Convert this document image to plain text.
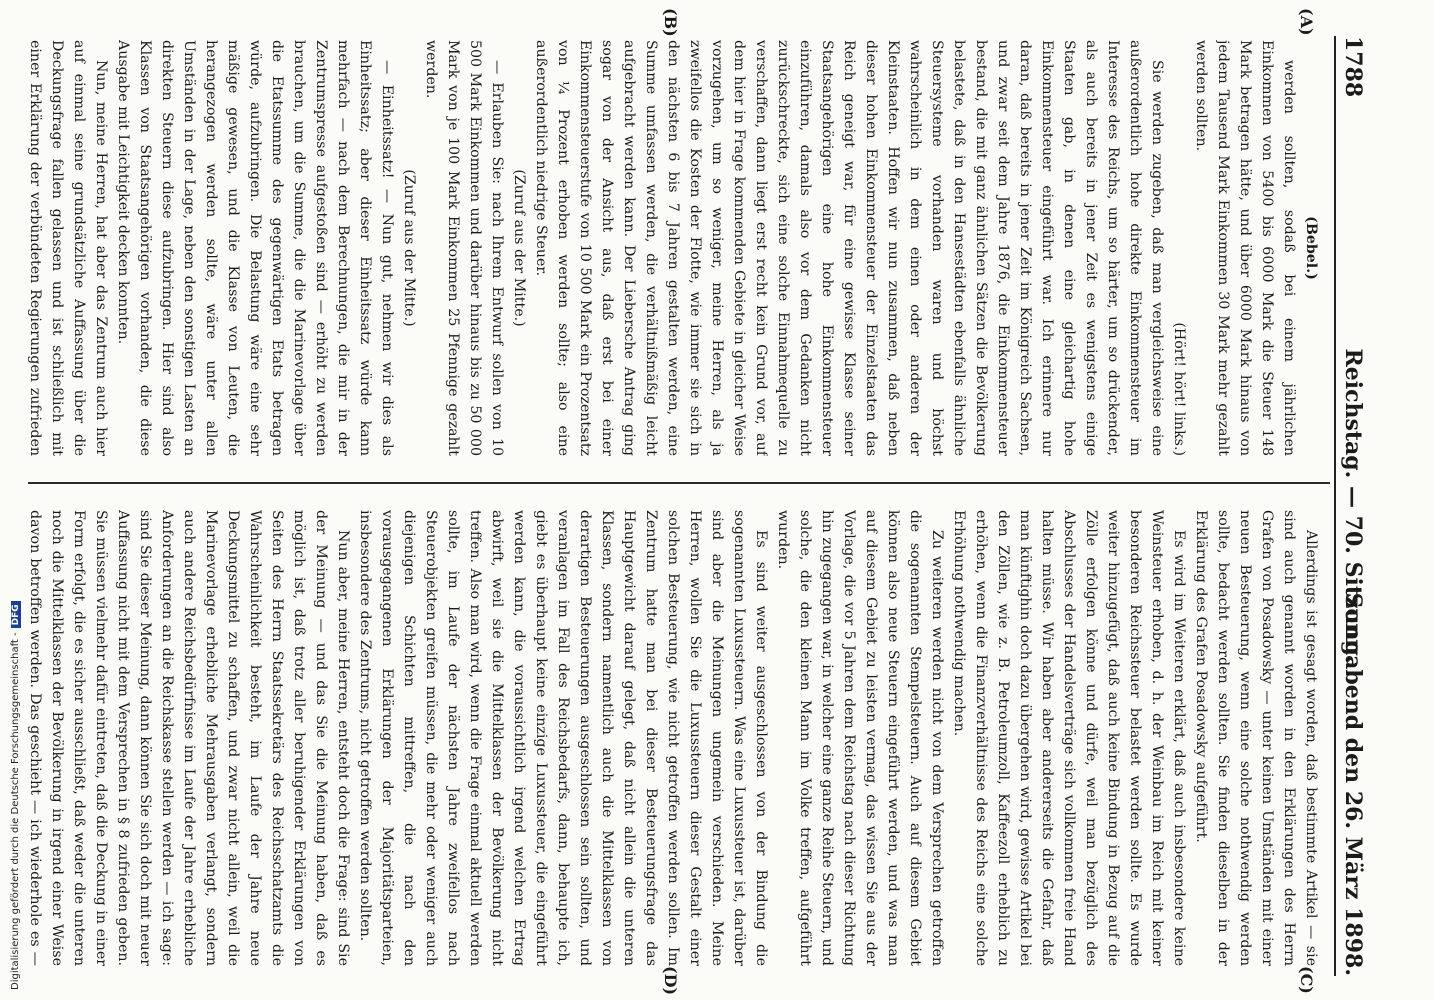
1788
Reichstag. — 70. Sitzung.
Sonnabend den 26. März 1898.
(A)
(B)
(C)
(D)

(Bebel.)

werden sollten, sodaß bei einem jährlichen Einkommen von 5400 bis 6000 Mark die Steuer 148 Mark betragen hätte, und über 6000 Mark hinaus von jedem Tausend Mark Einkommen 30 Mark mehr gezahlt werden sollten.

(Hört! hört! links.)

Sie werden zugeben, daß man vergleichsweise eine außerordentlich hohe direkte Einkommensteuer im Interesse des Reichs, um so härter, um so drückender, als auch bereits in jener Zeit es wenigstens einige Staaten gab, in denen eine gleichartig hohe Einkommensteuer eingeführt war. Ich erinnere nur daran, daß bereits in jener Zeit im Königreich Sachsen, und zwar seit dem Jahre 1876, die Einkommensteuer bestand, die mit ganz ähnlichen Sätzen die Bevölkerung belastete, daß in den Hansestädten ebenfalls ähnliche Steuersysteme vorhanden waren und höchst wahrscheinlich in dem einen oder anderen der Kleinstaaten. Hoffen wir nun zusammen, daß neben dieser hohen Einkommensteuer der Einzelstaaten das Reich geneigt war, für eine gewisse Klasse seiner Staatsangehörigen eine hohe Einkommensteuer einzuführen, damals also vor dem Gedanken nicht zurückschreckte, sich eine solche Einnahmequelle zu verschaffen, dann liegt erst recht kein Grund vor, auf dem hier in Frage kommenden Gebiete in gleicher Weise vorzugehen, um so weniger, meine Herren, als ja zweifellos die Kosten der Flotte, wie immer sie sich in den nächsten 6 bis 7 Jahren gestalten werden, eine Summe umfassen werden, die verhältnißmäßig leicht aufgebracht werden kann. Der Liebersche Antrag ging sogar von der Ansicht aus, daß erst bei einer Einkommensteuerstufe von 10 500 Mark ein Prozentsatz von ¼ Prozent erhoben werden sollte; also eine außerordentlich niedrige Steuer.

(Zuruf aus der Mitte.)

— Erlauben Sie: nach Ihrem Entwurf sollen von 10 500 Mark Einkommen und darüber hinaus bis zu 50 000 Mark von je 100 Mark Einkommen 25 Pfennige gezahlt werden.

(Zuruf aus der Mitte.)

— Einheitssatz! — Nun gut, nehmen wir dies als Einheitssatz; aber dieser Einheitssatz würde kann mehrfach — nach dem Berechnungen, die mir in der Zentrumspresse aufgestoßen sind — erhöht zu werden brauchen, um die Summe, die die Marinevorlage über die Etatssumme des gegenwärtigen Etats betragen würde, aufzubringen. Die Belastung wäre eine sehr mäßige gewesen, und die Klasse von Leuten, die herangezogen werden sollte, wäre unter allen Umständen in der Lage, neben den sonstigen Lasten an direkten Steuern diese aufzubringen. Hier sind also Klassen von Staatsangehörigen vorhanden, die diese Ausgabe mit Leichtigkeit decken konnten.

Nun, meine Herren, hat aber das Zentrum auch hier auf einmal seine grundsätzliche Auffassung über die Deckungsfrage fallen gelassen und ist schließlich mit einer Erklärung der verbündeten Regierungen zufrieden

Allerdings ist gesagt worden, daß bestimmte Artikel — sie sind auch genannt worden in den Erklärungen des Herrn Grafen von Posadowsky — unter keinen Umständen mit einer neuen Besteuerung, wenn eine solche nothwendig werden sollte, bedacht werden sollten. Sie finden dieselben in der Erklärung des Grafen Posadowsky aufgeführt.

Es wird im Weiteren erklärt, daß auch insbesondere keine Weinsteuer erhoben, d. h. der Weinbau im Reich mit keiner besonderen Reichssteuer belastet werden sollte. Es wurde weiter hinzugefügt, daß auch keine Bindung in Bezug auf die Zölle erfolgen könne und dürfe, weil man bezüglich des Abschlusses der Handelsverträge sich vollkommen freie Hand halten müsse. Wir haben aber andererseits die Gefahr, daß man künftighin doch dazu übergehen wird, gewisse Artikel bei den Zöllen, wie z. B. Petroleumzoll, Kaffeezoll erheblich zu erhöhen, wenn die Finanzverhältnisse des Reichs eine solche Erhöhung nothwendig machen.

Zu weiteren werden nicht von dem Versprechen getroffen die sogenannten Stempelsteuern. Auch auf diesem Gebiet können also neue Steuern eingeführt werden, und was man auf diesem Gebiet zu leisten vermag, das wissen Sie aus der Vorlage, die vor 5 Jahren dem Reichstag nach dieser Richtung hin zugegangen war, in welcher eine ganze Reihe Steuern, und solche, die den kleinen Mann im Volke treffen, aufgeführt wurden.

Es sind weiter ausgeschlossen von der Bindung die sogenannten Luxussteuern. Was eine Luxussteuer ist, darüber sind aber die Meinungen ungemein verschieden. Meine Herren, wollen Sie die Luxussteuern dieser Gestalt einer solchen Besteuerung, wie nicht getroffen werden sollen. Im Zentrum hatte man bei dieser Besteuerungsfrage das Hauptgewicht darauf gelegt, daß nicht allein die unteren Klassen, sondern namentlich auch die Mittelklassen von derartigen Besteuerungen ausgeschlossen sein sollten, und veranlagen im Fall des Reichsbedarfs, dann, behaupte ich, giebt es überhaupt keine einzige Luxussteuer, die eingeführt werden kann, die voraussichtlich irgend welchen Ertrag abwirft, weil sie die Mittelklassen der Bevölkerung nicht treffen. Also man wird, wenn die Frage einmal aktuell werden sollte, im Laufe der nächsten Jahre zweifellos nach Steuerobjekten greifen müssen, die mehr oder weniger auch diejenigen Schichten mittreffen, die nach den vorausgegangenen Erklärungen der Majoritätsparteien, insbesondere des Zentrums, nicht getroffen werden sollten.

Nun aber, meine Herren, entsteht doch die Frage: sind Sie der Meinung — und das Sie die Meinung haben, daß es möglich ist, daß trotz aller beruhigender Erklärungen von Seiten des Herrn Staatssekretärs des Reichsschatzamts die Wahrscheinlichkeit besteht, im Laufe der Jahre neue Deckungsmittel zu schaffen, und zwar nicht allein, weil die Marinevorlage erhebliche Mehrausgaben verlangt, sondern auch andere Reichsbedürfnisse im Laufe der Jahre erhebliche Anforderungen an die Reichskasse stellen werden — ich sage: sind Sie dieser Meinung, dann können Sie sich doch mit neuer Auffassung nicht mit dem Versprechen in § 8 zufrieden geben. Sie müssen vielmehr dafür eintreten, daß die Deckung in einer Form erfolgt, die es sicher ausschließt, daß weder die unteren noch die Mittelklassen der Bevölkerung in irgend einer Weise davon betroffen werden. Das geschieht — ich wiederhole es —

Digitalisierung gefördert durch die Deutsche Forschungsgemeinschaft -DFG
